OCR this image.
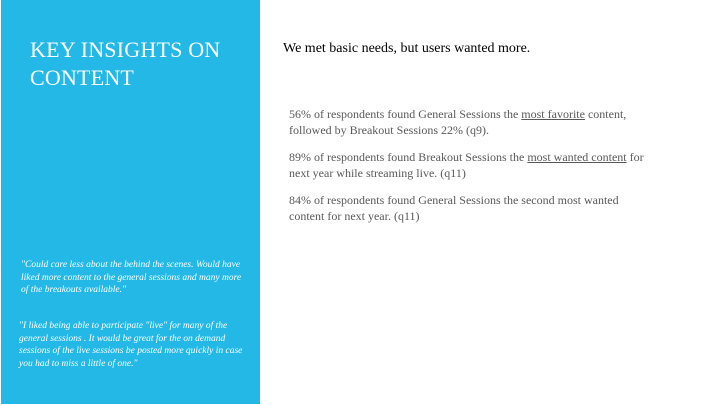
KEY INSIGHTS ON CONTENT

"Could care less about the behind the scenes. Would have liked more content to the general sessions and many more of the breakouts available."

"I liked being able to participate "live" for many of the general sessions . It would be great for the on demand sessions of the live sessions be posted more quickly in case you had to miss a little of one."

We met basic needs, but users wanted more.

56% of respondents found General Sessions the most favorite content, followed by Breakout Sessions 22% (q9).

89% of respondents found Breakout Sessions the most wanted content for next year while streaming live. (q11)

84% of respondents found General Sessions the second most wanted content for next year. (q11)
